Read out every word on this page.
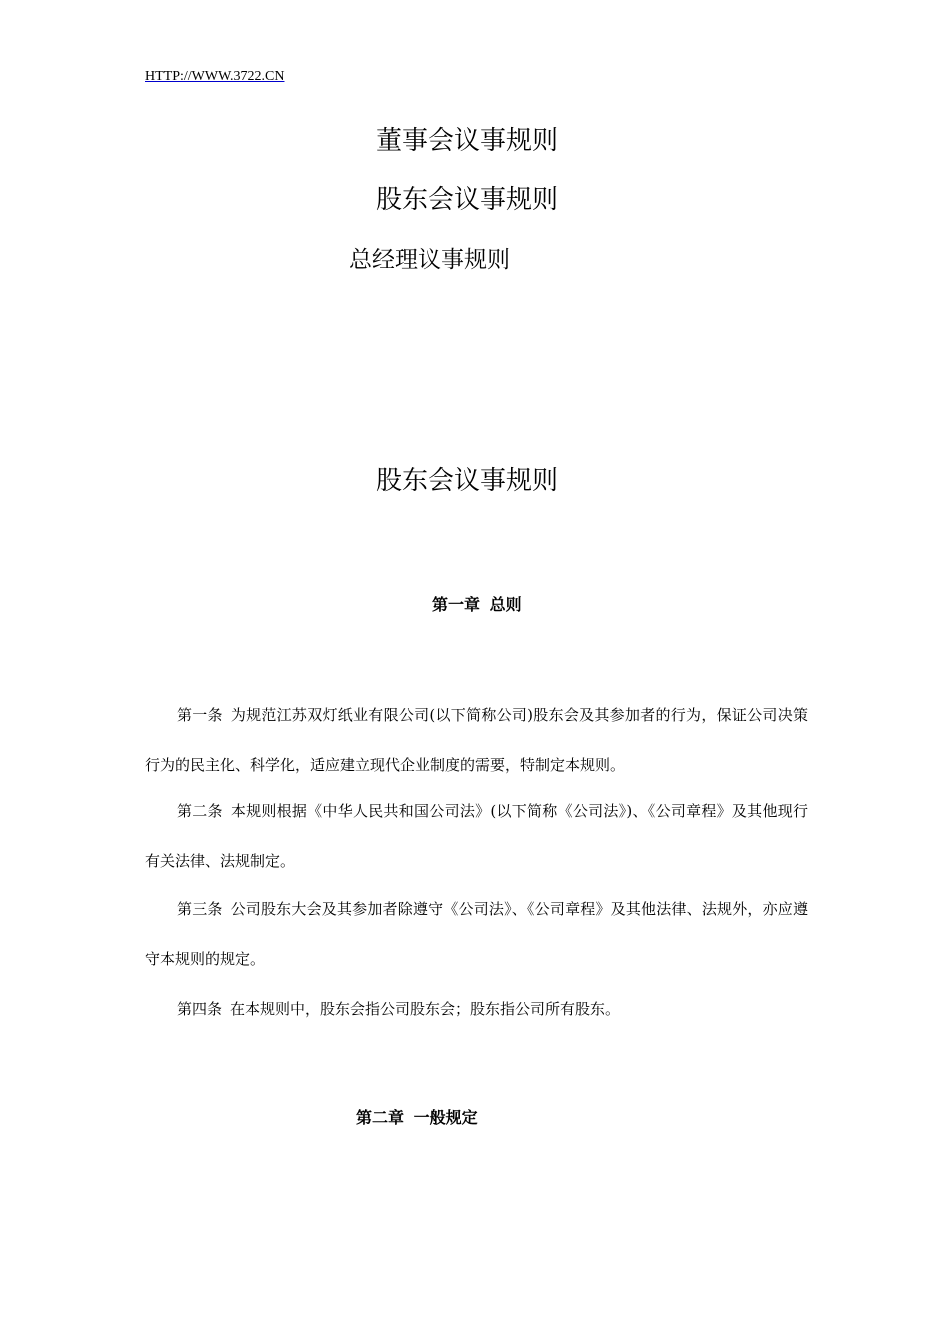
HTTP://WWW.3722.CN
董事会议事规则
股东会议事规则
总经理议事规则
股东会议事规则
第一章 总则
第一条 为规范江苏双灯纸业有限公司(以下简称公司)股东会及其参加者的行为，保证公司决策行为的民主化、科学化，适应建立现代企业制度的需要，特制定本规则。
第二条 本规则根据《中华人民共和国公司法》(以下简称《公司法》)、《公司章程》及其他现行有关法律、法规制定。
第三条 公司股东大会及其参加者除遵守《公司法》、《公司章程》及其他法律、法规外，亦应遵守本规则的规定。
第四条 在本规则中，股东会指公司股东会；股东指公司所有股东。
第二章 一般规定
